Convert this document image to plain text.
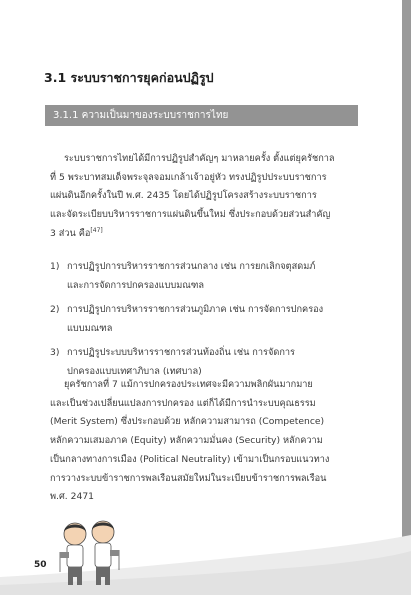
3.1 ระบบราชการยุคก่อนปฏิรูป
3.1.1 ความเป็นมาของระบบราชการไทย
ระบบราชการไทยได้มีการปฏิรูปสำคัญๆ มาหลายครั้ง ตั้งแต่ยุครัชกาล
ที่ 5 พระบาทสมเด็จพระจุลจอมเกล้าเจ้าอยู่หัว ทรงปฏิรูปประบบราชการ
แผ่นดินอีกครั้งในปี พ.ศ. 2435 โดยได้ปฏิรูปโครงสร้างระบบราชการ
และจัดระเบียบบริหารราชการแผ่นดินขึ้นใหม่ ซึ่งประกอบด้วยส่วนสำคัญ
3 ส่วน คือ[47]
1) การปฏิรูปการบริหารราชการส่วนกลาง เช่น การยกเลิกจตุสดมภ์
และการจัดการปกครองแบบมณฑล
2) การปฏิรูปการบริหารราชการส่วนภูมิภาค เช่น การจัดการปกครอง
แบบมณฑล
3) การปฏิรูประบบบริหารราชการส่วนท้องถิ่น เช่น การจัดการ
ปกครองแบบเทศาภิบาล (เทศบาล)
ยุครัชกาลที่ 7 แม้การปกครองประเทศจะมีความพลิกผันมากมาย
และเป็นช่วงเปลี่ยนแปลงการปกครอง แต่ก็ได้มีการนำระบบคุณธรรม
(Merit System) ซึ่งประกอบด้วย หลักความสามารถ (Competence)
หลักความเสมอภาค (Equity) หลักความมั่นคง (Security) หลักความ
เป็นกลางทางการเมือง (Political Neutrality) เข้ามาเป็นกรอบแนวทาง
การวางระบบข้าราชการพลเรือนสมัยใหม่ในระเบียบข้าราชการพลเรือน
พ.ศ. 2471
50
